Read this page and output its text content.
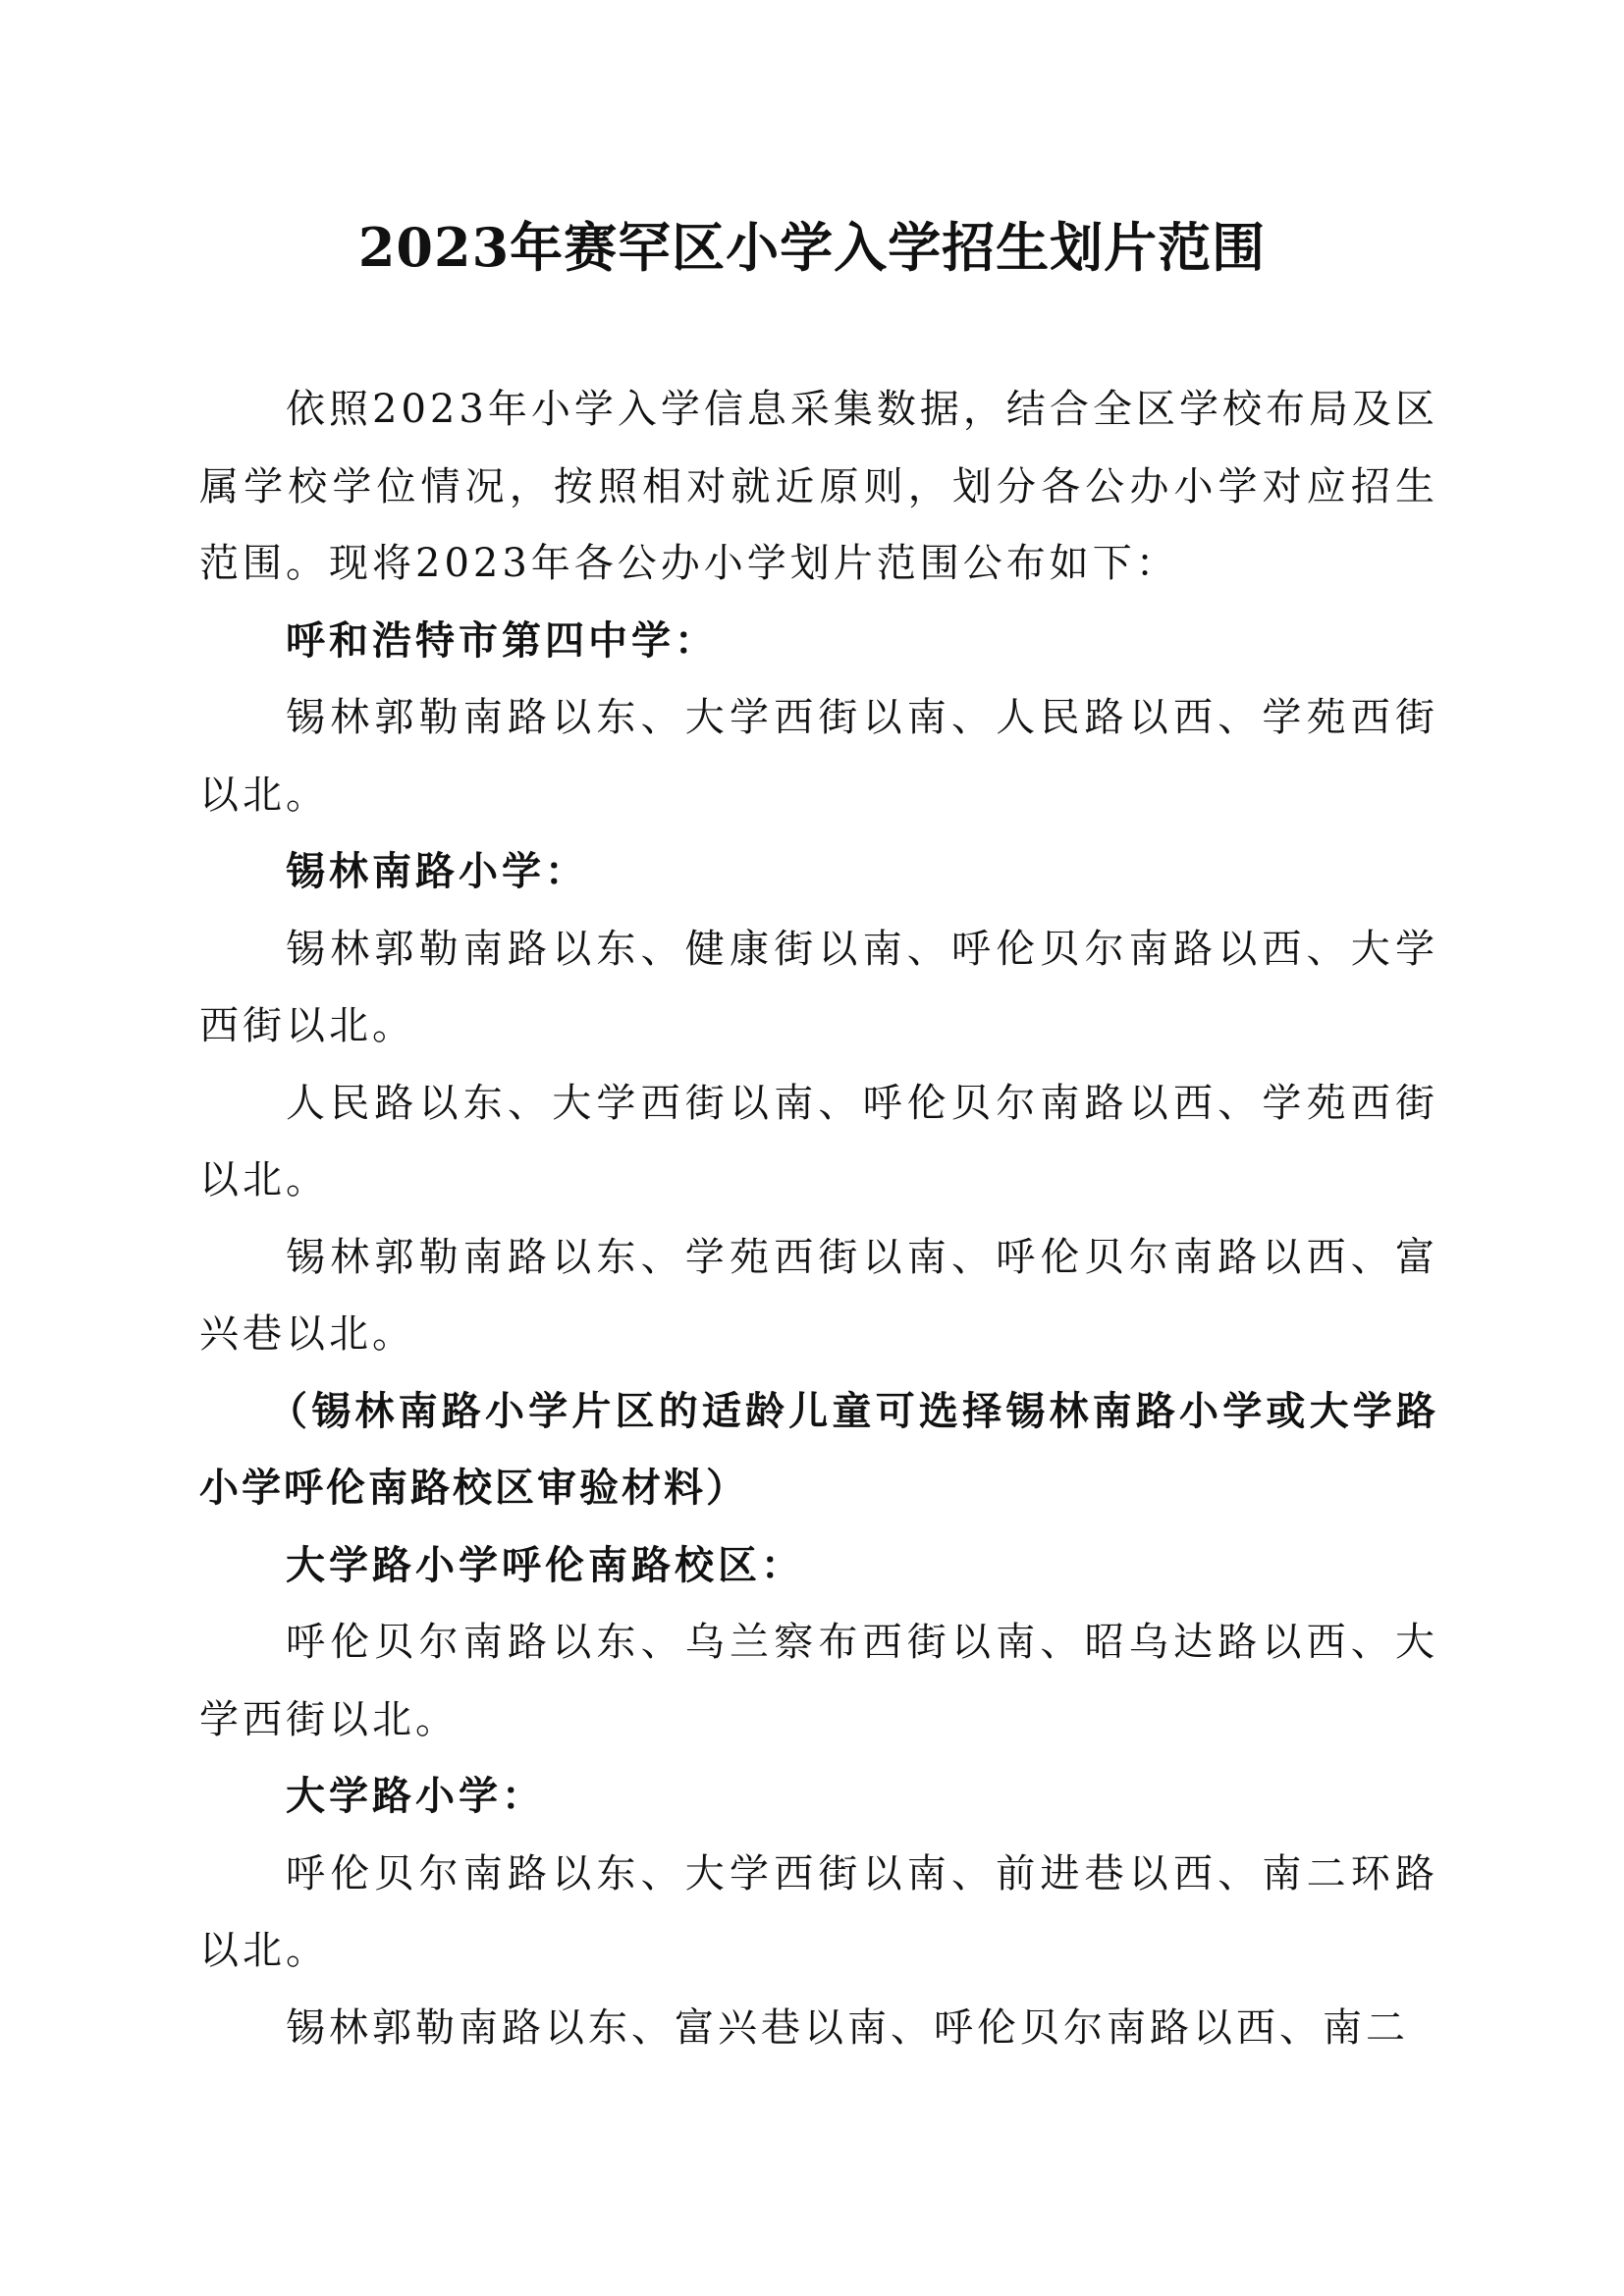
2023年赛罕区小学入学招生划片范围

依照2023年小学入学信息采集数据，结合全区学校布局及区属学校学位情况，按照相对就近原则，划分各公办小学对应招生范围。现将2023年各公办小学划片范围公布如下：

呼和浩特市第四中学：

锡林郭勒南路以东、大学西街以南、人民路以西、学苑西街以北。

锡林南路小学：

锡林郭勒南路以东、健康街以南、呼伦贝尔南路以西、大学西街以北。

人民路以东、大学西街以南、呼伦贝尔南路以西、学苑西街以北。

锡林郭勒南路以东、学苑西街以南、呼伦贝尔南路以西、富兴巷以北。

（锡林南路小学片区的适龄儿童可选择锡林南路小学或大学路小学呼伦南路校区审验材料）

大学路小学呼伦南路校区：

呼伦贝尔南路以东、乌兰察布西街以南、昭乌达路以西、大学西街以北。

大学路小学：

呼伦贝尔南路以东、大学西街以南、前进巷以西、南二环路以北。

锡林郭勒南路以东、富兴巷以南、呼伦贝尔南路以西、南二
